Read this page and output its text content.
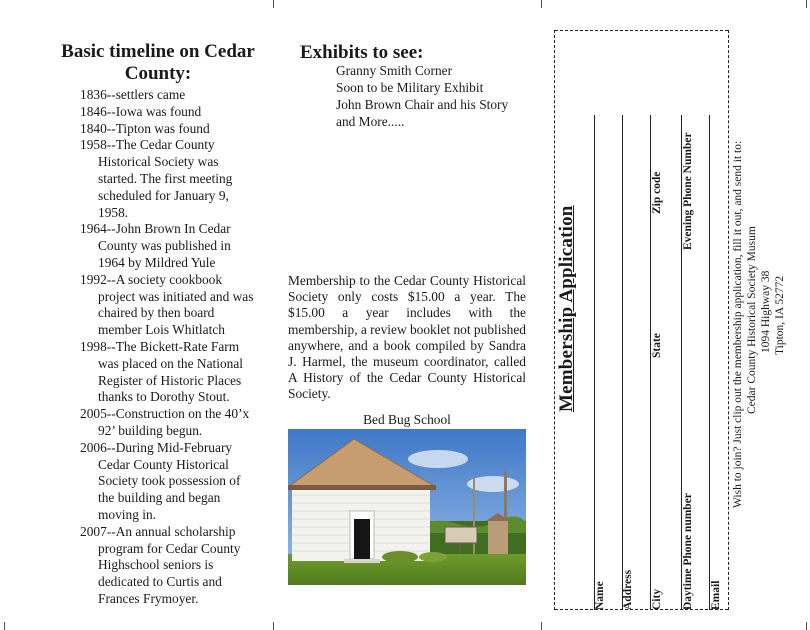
Basic timeline on Cedar County:
1836--settlers came
1846--Iowa was found
1840--Tipton was found
1958--The Cedar County Historical Society was started. The first meeting scheduled for January 9, 1958.
1964--John Brown In Cedar County was published in 1964 by Mildred Yule
1992--A society cookbook project was initiated and was chaired by then board member Lois Whitlatch
1998--The Bickett-Rate Farm was placed on the National Register of Historic Places thanks to Dorothy Stout.
2005--Construction on the 40’x 92’ building begun.
2006--During Mid-February Cedar County Historical Society took possession of the building and began moving in.
2007--An annual scholarship program for Cedar County Highschool seniors is dedicated to Curtis and Frances Frymoyer.
Exhibits to see:
Granny Smith Corner
Soon to be Military Exhibit
John Brown Chair and his Story
and More.....

Membership to the Cedar County Historical Society only costs $15.00 a year. The $15.00 a year includes with the membership, a review booklet not published anywhere, and a book compiled by Sandra J. Harmel, the museum coordinator, called A History of the Cedar County Historical Society.

Bed Bug School
Membership Application
Name Address City
State
Zip code
Daytime Phone number
Evening Phone Number
Email
Wish to join? Just clip out the membership application, fill it out, and send it to: Cedar County Historical Society Musum 1094 Highway 38 Tipton, IA 52772
